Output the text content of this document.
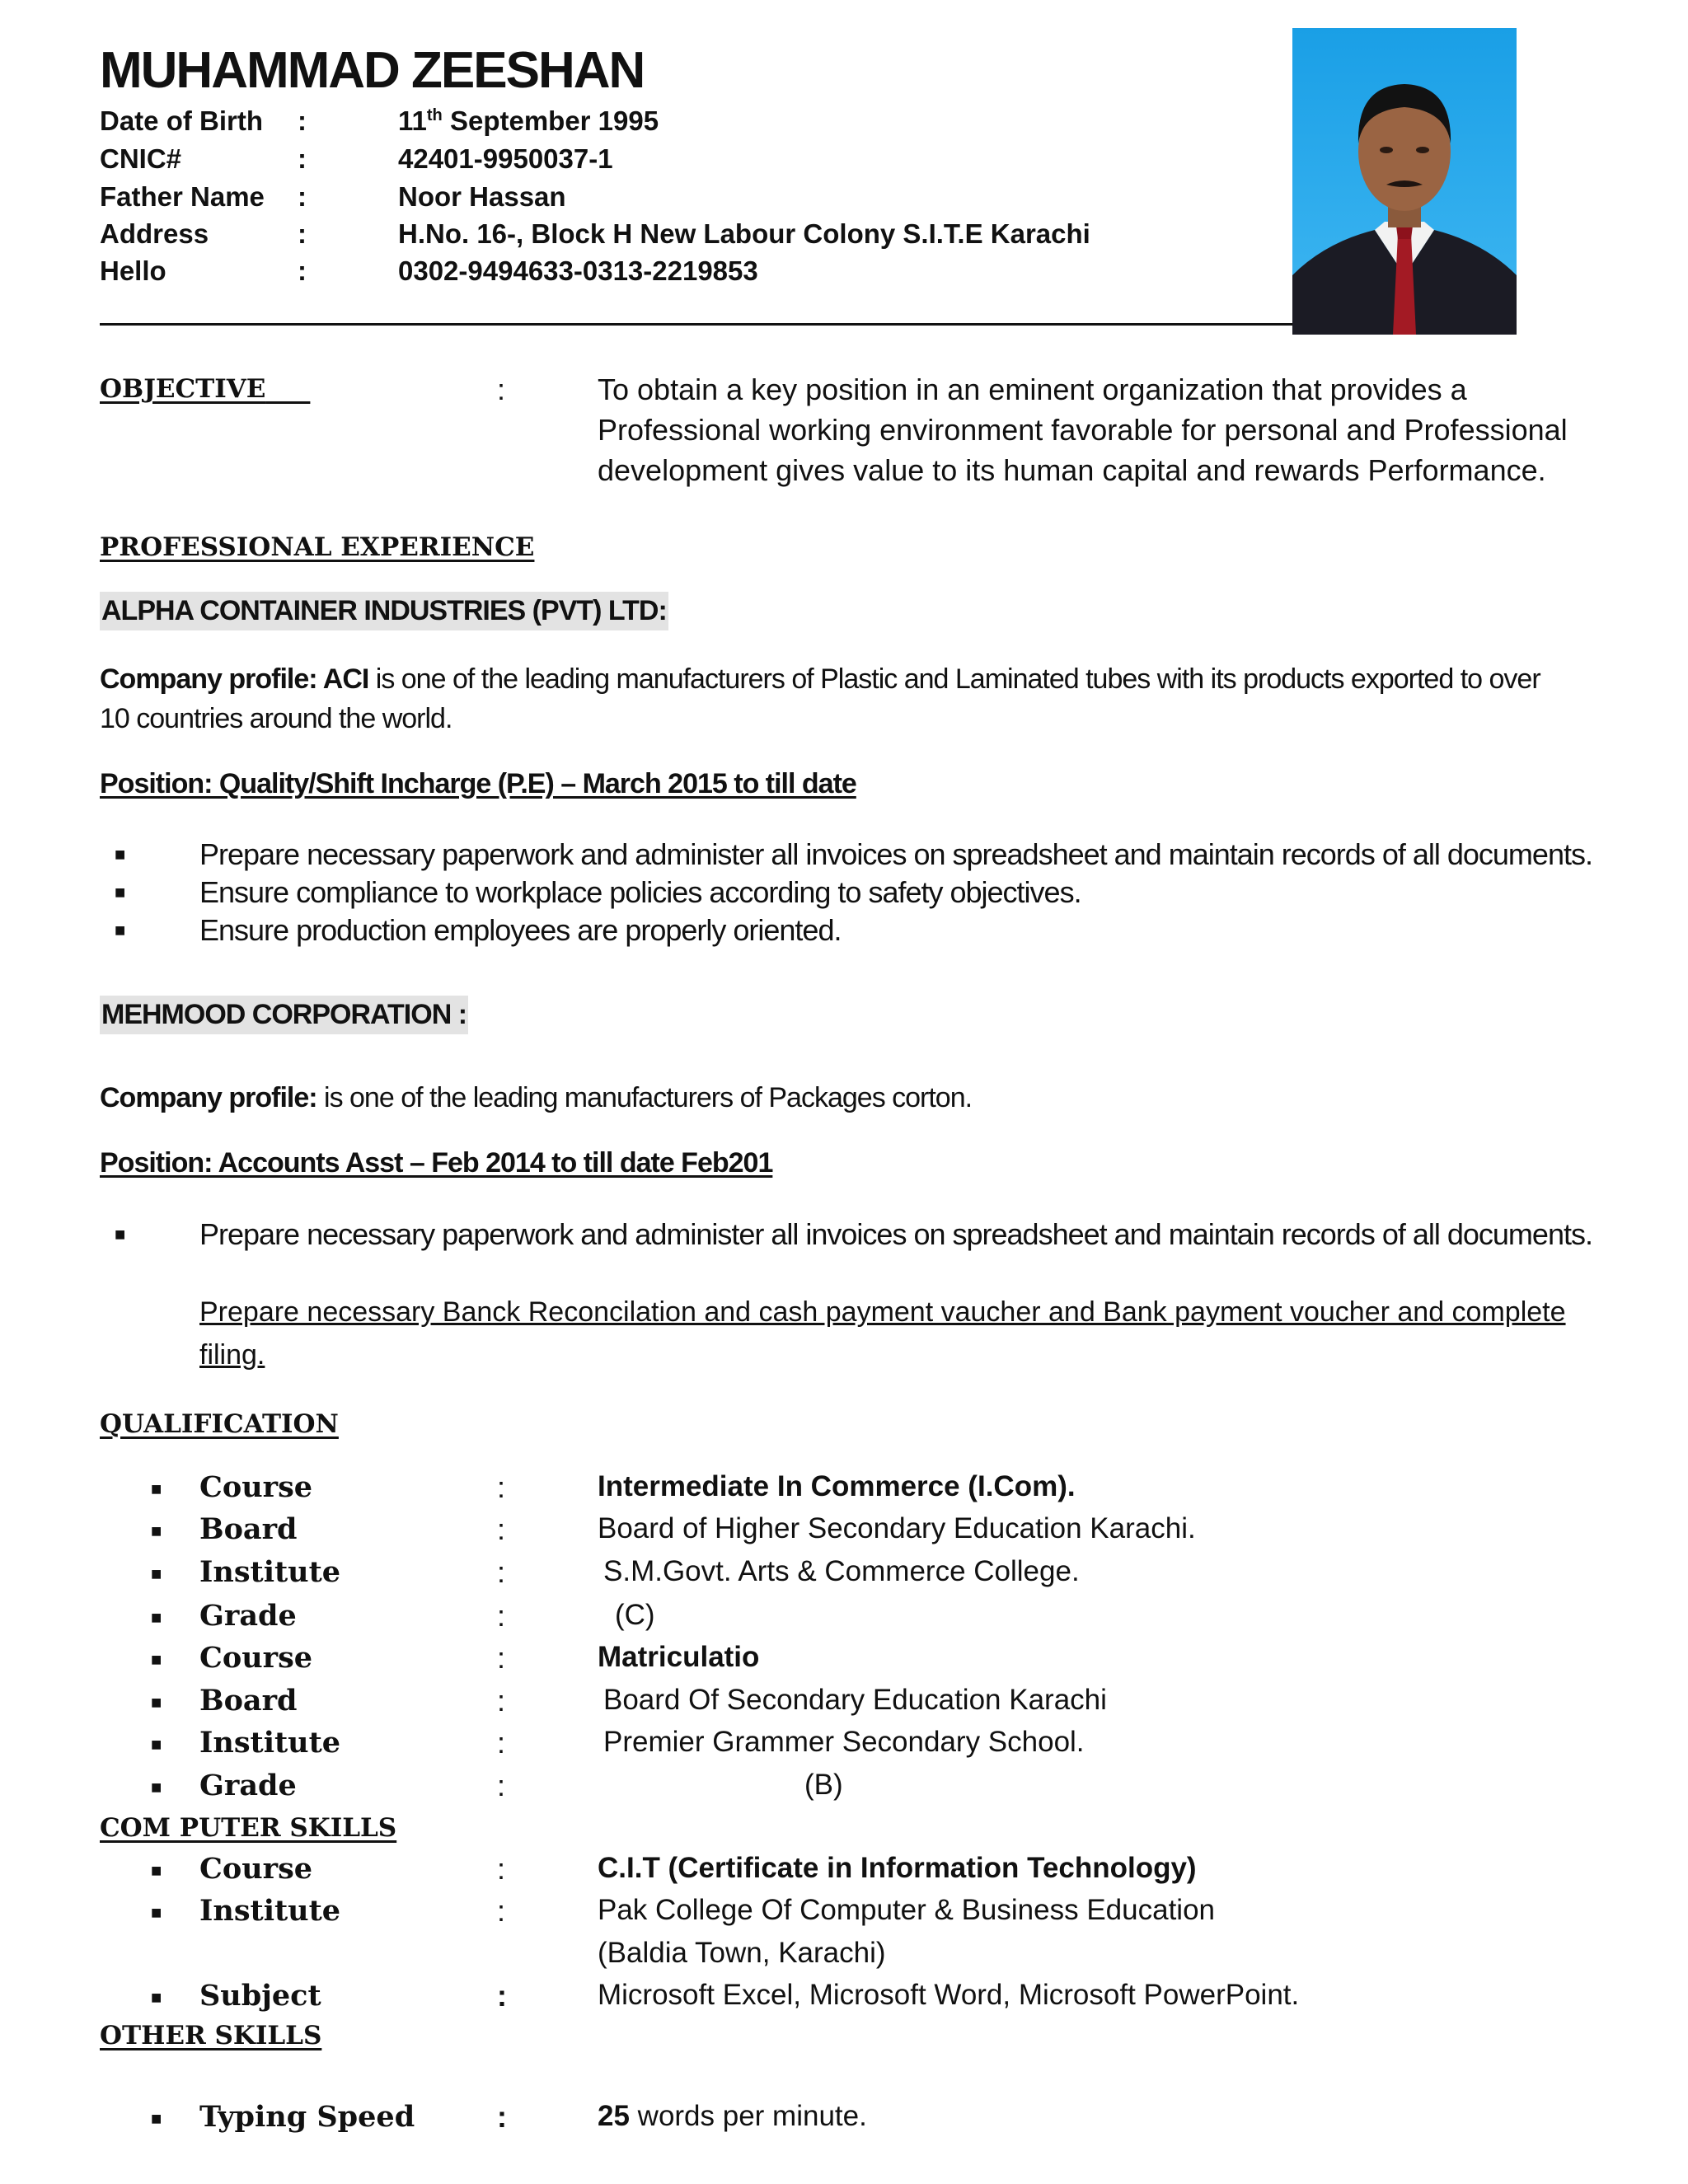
MUHAMMAD ZEESHAN
Date of Birth :	11th September 1995
CNIC#	:	42401-9950037-1
Father Name :	Noor Hassan
Address	:	H.No. 16-, Block H New Labour Colony S.I.T.E Karachi
Hello	:	0302-9494633-0313-2219853
OBJECTIVE	:	To obtain a key position in an eminent organization that provides a Professional working environment favorable for personal and Professional development gives value to its human capital and rewards Performance.
PROFESSIONAL EXPERIENCE
ALPHA CONTAINER INDUSTRIES (PVT) LTD:
Company profile: ACI is one of the leading manufacturers of Plastic and Laminated tubes with its products exported to over 10 countries around the world.
Position: Quality/Shift Incharge (P.E) – March 2015 to till date
■ Prepare necessary paperwork and administer all invoices on spreadsheet and maintain records of all documents.
■ Ensure compliance to workplace policies according to safety objectives.
■ Ensure production employees are properly oriented.
MEHMOOD CORPORATION :
Company profile: is one of the leading manufacturers of Packages corton.
Position: Accounts Asst – Feb 2014 to till date Feb201
■ Prepare necessary paperwork and administer all invoices on spreadsheet and maintain records of all documents.
Prepare necessary Banck Reconcilation and cash payment vaucher and Bank payment voucher and complete filing.
QUALIFICATION
■ Course	:	Intermediate In Commerce (I.Com).
■ Board	:	Board of Higher Secondary Education Karachi.
■ Institute	:	S.M.Govt. Arts & Commerce College.
■ Grade	:	(C)
■ Course	:	Matriculatio
■ Board	:	Board Of Secondary Education Karachi
■ Institute	:	Premier Grammer Secondary School.
■ Grade	:	(B)
COM PUTER SKILLS
■ Course	:	C.I.T (Certificate in Information Technology)
■ Institute	:	Pak College Of Computer & Business Education
(Baldia Town, Karachi)
■ Subject	:	Microsoft Excel, Microsoft Word, Microsoft PowerPoint.
OTHER SKILLS
■ Typing Speed	:	25 words per minute.
